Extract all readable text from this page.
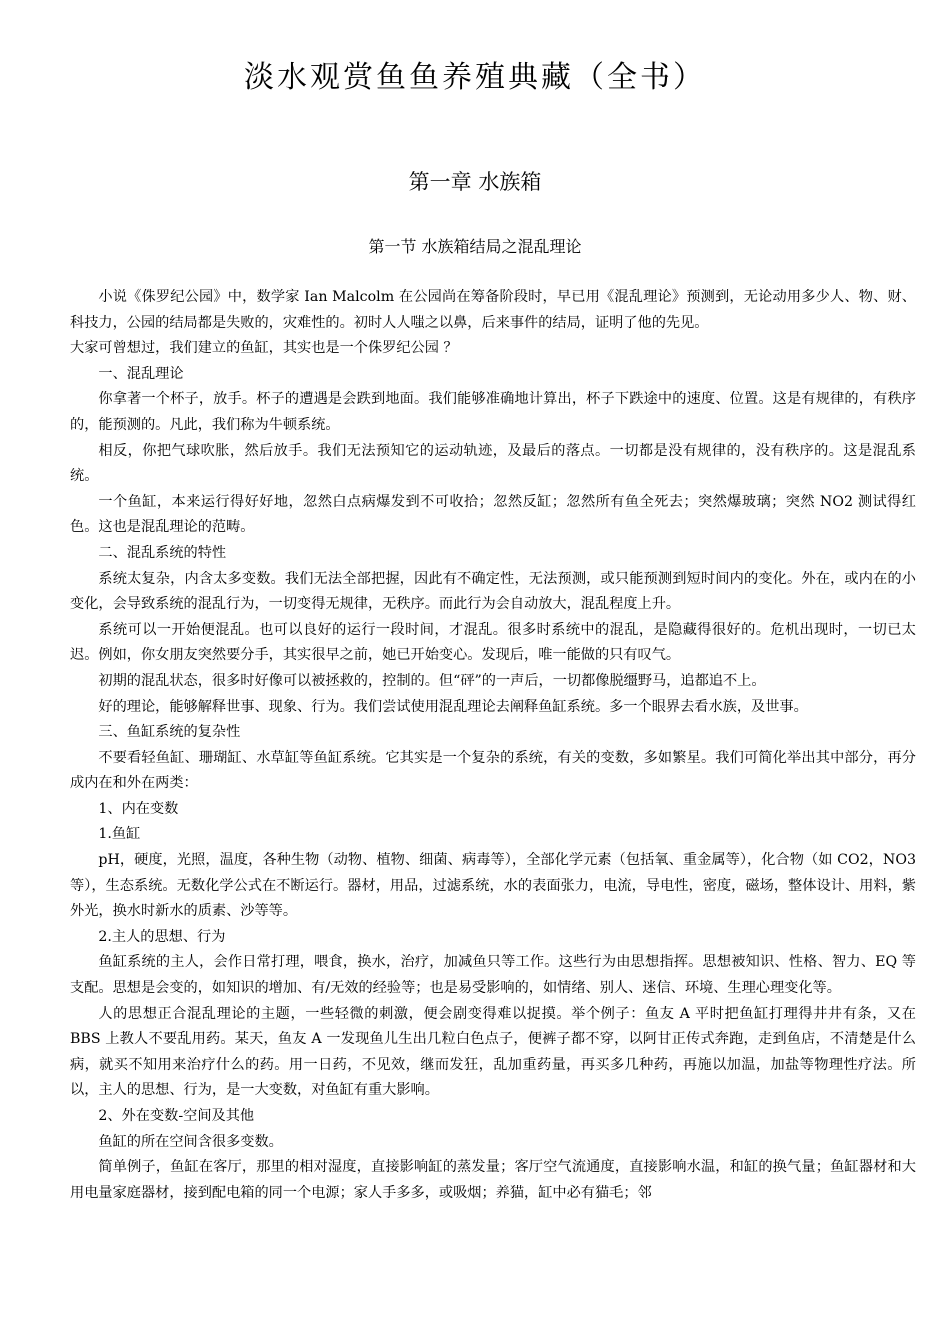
淡水观赏鱼鱼养殖典藏（全书）
第一章 水族箱
第一节 水族箱结局之混乱理论

小说《侏罗纪公园》中，数学家 Ian Malcolm 在公园尚在筹备阶段时，早已用《混乱理论》预测到，无论动用多少人、物、财、科技力，公园的结局都是失败的，灾难性的。初时人人嗤之以鼻，后来事件的结局，证明了他的先见。

大家可曾想过，我们建立的鱼缸，其实也是一个侏罗纪公园 ？

一、混乱理论

你拿著一个杯子，放手。杯子的遭遇是会跌到地面。我们能够准确地计算出，杯子下跌途中的速度、位置。这是有规律的，有秩序的，能预测的。凡此，我们称为牛顿系统。

相反，你把气球吹胀，然后放手。我们无法预知它的运动轨迹，及最后的落点。一切都是没有规律的，没有秩序的。这是混乱系统。

一个鱼缸，本来运行得好好地，忽然白点病爆发到不可收拾；忽然反缸；忽然所有鱼全死去；突然爆玻璃；突然 NO2 测试得红色。这也是混乱理论的范畴。

二、混乱系统的特性

系统太复杂，内含太多变数。我们无法全部把握，因此有不确定性，无法预测，或只能预测到短时间内的变化。外在，或内在的小变化，会导致系统的混乱行为，一切变得无规律，无秩序。而此行为会自动放大，混乱程度上升。

系统可以一开始便混乱。也可以良好的运行一段时间，才混乱。很多时系统中的混乱，是隐藏得很好的。危机出现时，一切已太迟。例如，你女朋友突然要分手，其实很早之前，她已开始变心。发现后，唯一能做的只有叹气。

初期的混乱状态，很多时好像可以被拯救的，控制的。但“砰”的一声后，一切都像脱缰野马，追都追不上。

好的理论，能够解释世事、现象、行为。我们尝试使用混乱理论去阐释鱼缸系统。多一个眼界去看水族，及世事。

三、鱼缸系统的复杂性

不要看轻鱼缸、珊瑚缸、水草缸等鱼缸系统。它其实是一个复杂的系统，有关的变数，多如繁星。我们可简化举出其中部分，再分成内在和外在两类：

1、内在变数

1.鱼缸

pH，硬度，光照，温度，各种生物（动物、植物、细菌、病毒等），全部化学元素（包括氧、重金属等），化合物（如 CO2，NO3 等），生态系统。无数化学公式在不断运行。器材，用品，过滤系统，水的表面张力，电流，导电性，密度，磁场，整体设计、用料，紫外光，换水时新水的质素、沙等等。

2.主人的思想、行为

鱼缸系统的主人，会作日常打理，喂食，换水，治疗，加减鱼只等工作。这些行为由思想指挥。思想被知识、性格、智力、EQ 等支配。思想是会变的，如知识的增加、有/无效的经验等；也是易受影响的，如情绪、别人、迷信、环境、生理心理变化等。

人的思想正合混乱理论的主题，一些轻微的刺激，便会剧变得难以捉摸。举个例子：鱼友 A 平时把鱼缸打理得井井有条，又在 BBS 上教人不要乱用药。某天，鱼友 A 一发现鱼儿生出几粒白色点子，便裤子都不穿，以阿甘正传式奔跑，走到鱼店，不清楚是什么病，就买不知用来治疗什么的药。用一日药，不见效，继而发狂，乱加重药量，再买多几种药，再施以加温，加盐等物理性疗法。所以，主人的思想、行为，是一大变数，对鱼缸有重大影响。

2、外在变数-空间及其他

鱼缸的所在空间含很多变数。

简单例子，鱼缸在客厅，那里的相对湿度，直接影响缸的蒸发量；客厅空气流通度，直接影响水温，和缸的换气量；鱼缸器材和大用电量家庭器材，接到配电箱的同一个电源；家人手多多，或吸烟；养猫，缸中必有猫毛；邻
